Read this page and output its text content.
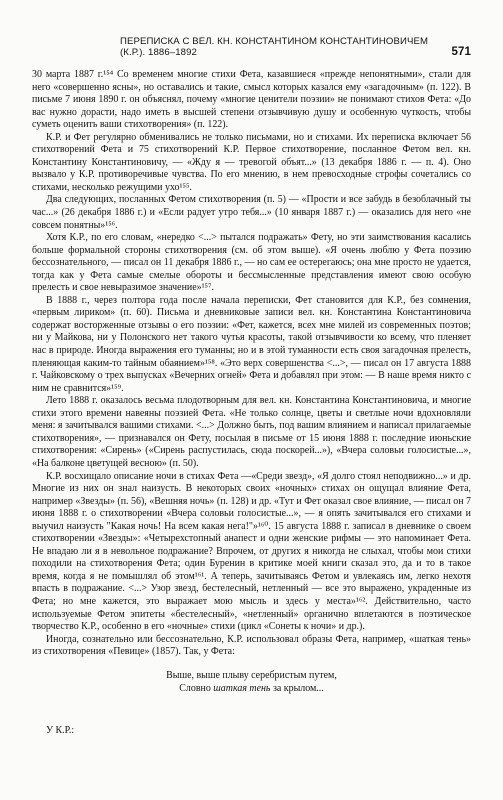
ПЕРЕПИСКА С ВЕЛ. КН. КОНСТАНТИНОМ КОНСТАНТИНОВИЧЕМ (К.Р.). 1886–1892	571

30 марта 1887 г.¹⁵⁴ Со временем многие стихи Фета, казавшиеся «прежде непонятными», стали для него «совершенно ясны», но оставались и такие, смысл которых казался ему «загадочным» (п. 122). В письме 7 июня 1890 г. он объяснял, почему «многие ценители поэзии» не понимают стихов Фета: «До вас нужно дорасти, надо иметь в высшей степени отзывчивую душу и особенную чуткость, чтобы суметь оценить ваши стихотворения» (п. 122).

К.Р. и Фет регулярно обменивались не только письмами, но и стихами. Их переписка включает 56 стихотворений Фета и 75 стихотворений К.Р. Первое стихотворение, посланное Фетом вел. кн. Константину Константиновичу, — «Жду я — тревогой объят...» (13 декабря 1886 г. — п. 4). Оно вызвало у К.Р. противоречивые чувства. По его мнению, в нем превосходные строфы сочетались со стихами, несколько режущими ухо¹⁵⁵.

Два следующих, посланных Фетом стихотворения (п. 5) — «Прости и все забудь в безоблачный ты час...» (26 декабря 1886 г.) и «Если радует утро тебя...» (10 января 1887 г.) — оказались для него «не совсем понятны»¹⁵⁶.

Хотя К.Р., по его словам, «нередко <...> пытался подражать» Фету, но эти заимствования касались больше формальной стороны стихотворения (см. об этом выше). «Я очень люблю у Фета поэзию бессознательного, — писал он 11 декабря 1886 г., — но сам ее остерегаюсь; она мне просто не удается, тогда как у Фета самые смелые обороты и бессмысленные представления имеют свою особую прелесть и свое невыразимое значение»¹⁵⁷.

В 1888 г., через полтора года после начала переписки, Фет становится для К.Р., без сомнения, «первым лириком» (п. 60). Письма и дневниковые записи вел. кн. Константина Константиновича содержат восторженные отзывы о его поэзии: «Фет, кажется, всех мне милей из современных поэтов; ни у Майкова, ни у Полонского нет такого чутья красоты, такой отзывчивости ко всему, что пленяет нас в природе. Иногда выражения его туманны; но и в этой туманности есть своя загадочная прелесть, пленяющая каким-то тайным обаянием»¹⁵⁸. «Это верх совершенства <...>, — писал он 17 августа 1888 г. Чайковскому о трех выпусках «Вечерних огней» Фета и добавлял при этом: — В наше время никто с ним не сравнится»¹⁵⁹.

Лето 1888 г. оказалось весьма плодотворным для вел. кн. Константина Константиновича, и многие стихи этого времени навеяны поэзией Фета. «Не только солнце, цветы и светлые ночи вдохновляли меня: я зачитывался вашими стихами. <...> Должно быть, под вашим влиянием и написал прилагаемые стихотворения», — признавался он Фету, посылая в письме от 15 июня 1888 г. последние июньские стихотворения: «Сирень» («Сирень распустилась, сюда поскорей...»), «Вчера соловьи голосистые...», «На балконе цветущей весною» (п. 50).

К.Р. восхищало описание ночи в стихах Фета —«Среди звезд», «Я долго стоял неподвижно...» и др. Многие из них он знал наизусть. В некоторых своих «ночных» стихах он ощущал влияние Фета, например «Звезды» (п. 56), «Вешняя ночь» (п. 128) и др. «Тут и Фет оказал свое влияние, — писал он 7 июня 1888 г. о стихотворении «Вчера соловьи голосистые...», — я опять зачитывался его стихами и выучил наизусть "Какая ночь! На всем какая нега!"»¹⁶⁰. 15 августа 1888 г. записал в дневнике о своем стихотворении «Звезды»: «Четырехстопный анапест и одни женские рифмы — это напоминает Фета. Не впадаю ли я в невольное подражание? Впрочем, от других я никогда не слыхал, чтобы мои стихи походили на стихотворения Фета; один Буренин в критике моей книги сказал это, да и то в такое время, когда я не помышлял об этом¹⁶¹. А теперь, зачитываясь Фетом и увлекаясь им, легко нехотя впасть в подражание. <...> Узор звезд, бестелесный, нетленный — все это выражено, украденные из Фета; но мне кажется, это выражает мою мысль и здесь у места»¹⁶². Действительно, часто используемые Фетом эпитеты «бестелесный», «нетленный» органично вплетаются в поэтическое творчество К.Р., особенно в его «ночные» стихи (цикл «Сонеты к ночи» и др.).

Иногда, сознательно или бессознательно, К.Р. использовал образы Фета, например, «шаткая тень» из стихотворения «Певице» (1857). Так, у Фета:

Выше, выше плыву серебристым путем,
Словно шаткая тень за крылом...
У К.Р.:
